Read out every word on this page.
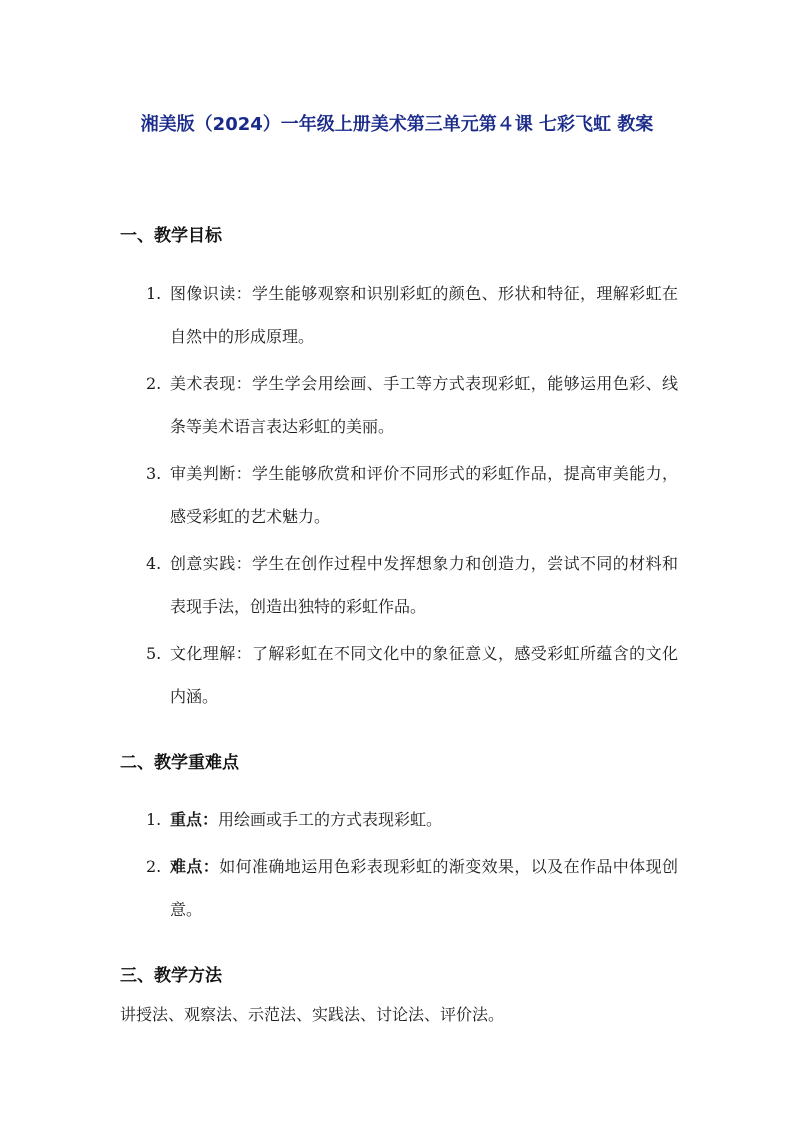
湘美版（2024）一年级上册美术第三单元第４课 七彩飞虹 教案
一、教学目标
1. 图像识读：学生能够观察和识别彩虹的颜色、形状和特征，理解彩虹在自然中的形成原理。
2. 美术表现：学生学会用绘画、手工等方式表现彩虹，能够运用色彩、线条等美术语言表达彩虹的美丽。
3. 审美判断：学生能够欣赏和评价不同形式的彩虹作品，提高审美能力，感受彩虹的艺术魅力。
4. 创意实践：学生在创作过程中发挥想象力和创造力，尝试不同的材料和表现手法，创造出独特的彩虹作品。
5. 文化理解：了解彩虹在不同文化中的象征意义，感受彩虹所蕴含的文化内涵。
二、教学重难点
1. 重点：用绘画或手工的方式表现彩虹。
2. 难点：如何准确地运用色彩表现彩虹的渐变效果，以及在作品中体现创意。
三、教学方法
讲授法、观察法、示范法、实践法、讨论法、评价法。
